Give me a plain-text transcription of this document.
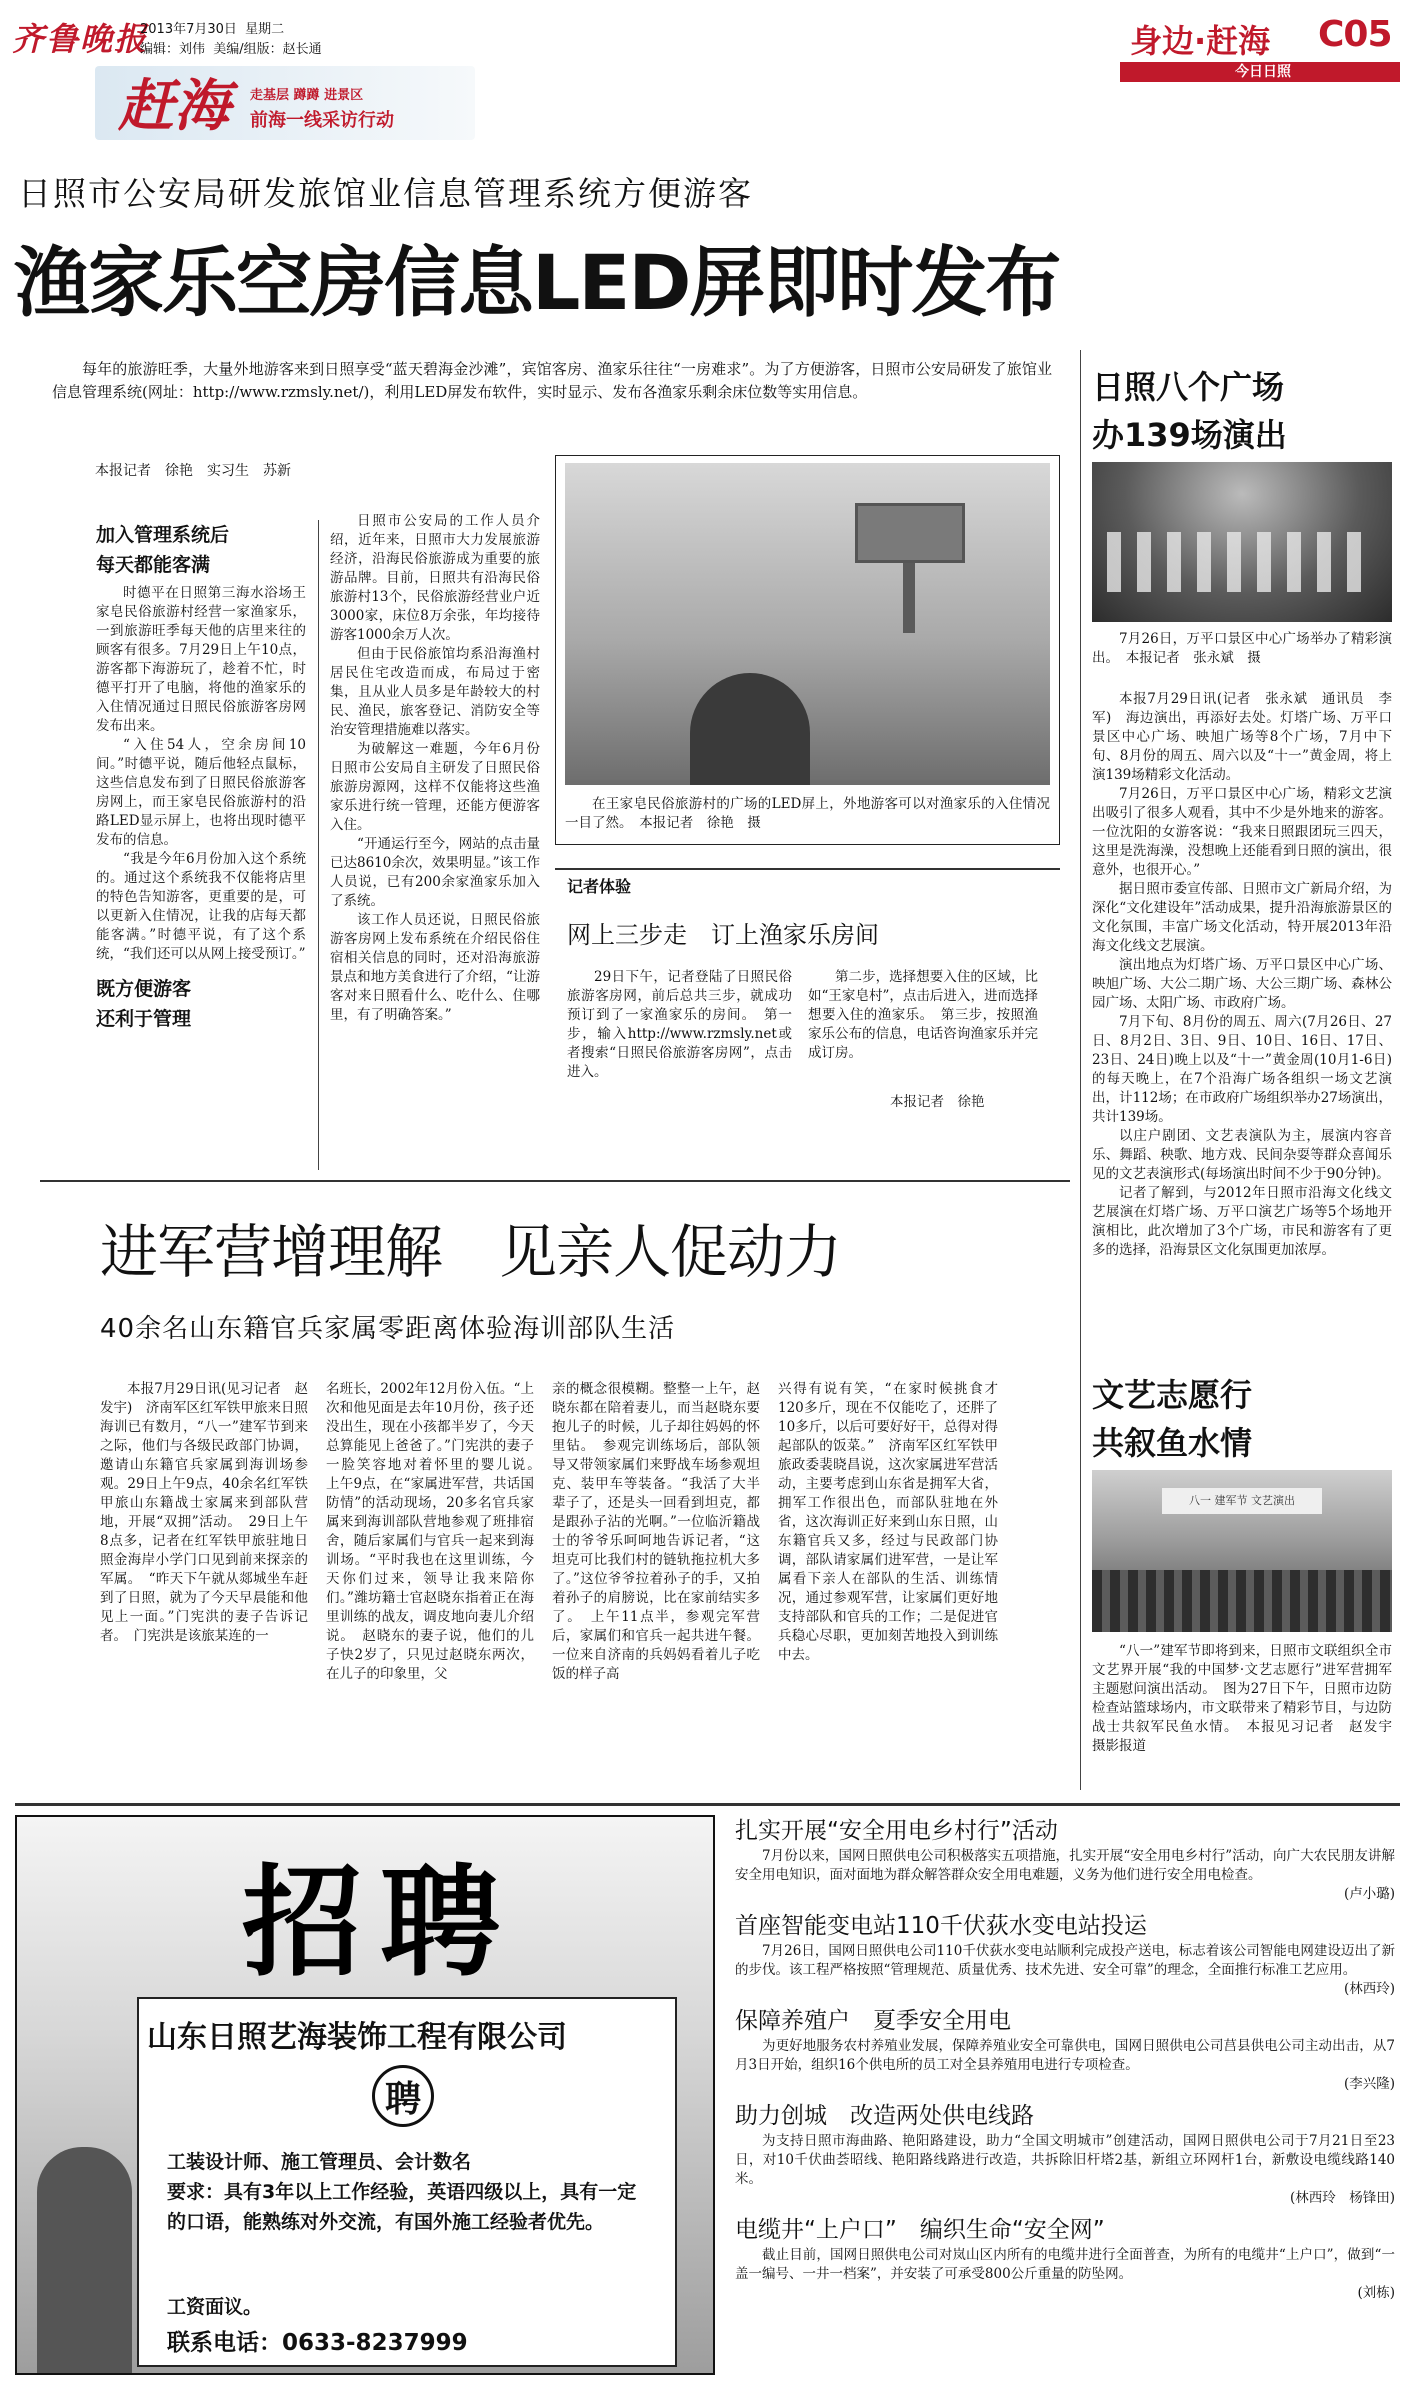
齐鲁晚报
2013年7月30日 星期二
编辑：刘伟 美编/组版：赵长通	身边·赶海 C05
今日日照
赶海 走基层 蹲蹲 进景区
前海一线采访行动
日照市公安局研发旅馆业信息管理系统方便游客
渔家乐空房信息LED屏即时发布
每年的旅游旺季，大量外地游客来到日照享受“蓝天碧海金沙滩”，宾馆客房、渔家乐往往“一房难求”。为了方便游客，日照市公安局研发了旅馆业信息管理系统(网址：http://www.rzmsly.net/)，利用LED屏发布软件，实时显示、发布各渔家乐剩余床位数等实用信息。
本报记者　徐艳　实习生　苏新
加入管理系统后
每天都能客满

时德平在日照第三海水浴场王家皂民俗旅游村经营一家渔家乐，一到旅游旺季每天他的店里来往的顾客有很多。7月29日上午10点，游客都下海游玩了，趁着不忙，时德平打开了电脑，将他的渔家乐的入住情况通过日照民俗旅游客房网发布出来。

“入住54人，空余房间10间。”时德平说，随后他轻点鼠标，这些信息发布到了日照民俗旅游客房网上，而王家皂民俗旅游村的沿路LED显示屏上，也将出现时德平发布的信息。

“我是今年6月份加入这个系统的。通过这个系统我不仅能将店里的特色告知游客，更重要的是，可以更新入住情况，让我的店每天都能客满。”时德平说，有了这个系统，“我们还可以从网上接受预订。”

既方便游客
还利于管理

日照市公安局的工作人员介绍，近年来，日照市大力发展旅游经济，沿海民俗旅游成为重要的旅游品牌。目前，日照共有沿海民俗旅游村13个，民俗旅游经营业户近3000家，床位8万余张，年均接待游客1000余万人次。

但由于民俗旅馆均系沿海渔村居民住宅改造而成，布局过于密集，且从业人员多是年龄较大的村民、渔民，旅客登记、消防安全等治安管理措施难以落实。

为破解这一难题，今年6月份日照市公安局自主研发了日照民俗旅游房源网，这样不仅能将这些渔家乐进行统一管理，还能方便游客入住。

“开通运行至今，网站的点击量已达8610余次，效果明显。”该工作人员说，已有200余家渔家乐加入了系统。

该工作人员还说，日照民俗旅游客房网上发布系统在介绍民俗住宿相关信息的同时，还对沿海旅游景点和地方美食进行了介绍，“让游客对来日照看什么、吃什么、住哪里，有了明确答案。”

在王家皂民俗旅游村的广场的LED屏上，外地游客可以对渔家乐的入住情况一目了然。　本报记者　徐艳　摄
记者体验
网上三步走　订上渔家乐房间
29日下午，记者登陆了日照民俗旅游客房网，前后总共三步，就成功预订到了一家渔家乐的房间。　第一步，输入http://www.rzmsly.net或者搜索“日照民俗旅游客房网”，点击进入。
第二步，选择想要入住的区域，比如“王家皂村”，点击后进入，进而选择想要入住的渔家乐。　第三步，按照渔家乐公布的信息，电话咨询渔家乐并完成订房。
本报记者　徐艳
日照八个广场
办139场演出
7月26日，万平口景区中心广场举办了精彩演出。　本报记者　张永斌　摄

本报7月29日讯(记者　张永斌　通讯员　李军)　海边演出，再添好去处。灯塔广场、万平口景区中心广场、映旭广场等8个广场，7月中下旬、8月份的周五、周六以及“十一”黄金周，将上演139场精彩文化活动。

7月26日，万平口景区中心广场，精彩文艺演出吸引了很多人观看，其中不少是外地来的游客。一位沈阳的女游客说：“我来日照跟团玩三四天，这里是洗海澡，没想晚上还能看到日照的演出，很意外，也很开心。”

据日照市委宣传部、日照市文广新局介绍，为深化“文化建设年”活动成果，提升沿海旅游景区的文化氛围，丰富广场文化活动，特开展2013年沿海文化线文艺展演。

演出地点为灯塔广场、万平口景区中心广场、映旭广场、大公二期广场、大公三期广场、森林公园广场、太阳广场、市政府广场。

7月下旬、8月份的周五、周六(7月26日、27日、8月2日、3日、9日、10日、16日、17日、23日、24日)晚上以及“十一”黄金周(10月1-6日)的每天晚上，在7个沿海广场各组织一场文艺演出，计112场；在市政府广场组织举办27场演出，共计139场。

以庄户剧团、文艺表演队为主，展演内容音乐、舞蹈、秧歌、地方戏、民间杂耍等群众喜闻乐见的文艺表演形式(每场演出时间不少于90分钟)。

记者了解到，与2012年日照市沿海文化线文艺展演在灯塔广场、万平口演艺广场等5个场地开演相比，此次增加了3个广场，市民和游客有了更多的选择，沿海景区文化氛围更加浓厚。

进军营增理解　见亲人促动力
40余名山东籍官兵家属零距离体验海训部队生活
本报7月29日讯(见习记者　赵发宇)　济南军区红军铁甲旅来日照海训已有数月，“八一”建军节到来之际，他们与各级民政部门协调，邀请山东籍官兵家属到海训场参观。29日上午9点，40余名红军铁甲旅山东籍战士家属来到部队营地，开展“双拥”活动。　29日上午8点多，记者在红军铁甲旅驻地日照金海岸小学门口见到前来探亲的军属。　“昨天下午就从郯城坐车赶到了日照，就为了今天早晨能和他见上一面。”门宪洪的妻子告诉记者。　门宪洪是该旅某连的一
名班长，2002年12月份入伍。“上次和他见面是去年10月份，孩子还没出生，现在小孩都半岁了，今天总算能见上爸爸了。”门宪洪的妻子一脸笑容地对着怀里的婴儿说。　上午9点，在“家属进军营，共话国防情”的活动现场，20多名官兵家属来到海训部队营地参观了班排宿舍，随后家属们与官兵一起来到海训场。“平时我也在这里训练，今天你们过来，领导让我来陪你们。”潍坊籍士官赵晓东指着正在海里训练的战友，调皮地向妻儿介绍说。　赵晓东的妻子说，他们的儿子快2岁了，只见过赵晓东两次，在儿子的印象里，父
亲的概念很模糊。整整一上午，赵晓东都在陪着妻儿，而当赵晓东要抱儿子的时候，儿子却往妈妈的怀里钻。　参观完训练场后，部队领导又带领家属们来野战车场参观坦克、装甲车等装备。“我活了大半辈子了，还是头一回看到坦克，都是跟孙子沾的光啊。”一位临沂籍战士的爷爷乐呵呵地告诉记者，“这坦克可比我们村的链轨拖拉机大多了。”这位爷爷拉着孙子的手，又拍着孙子的肩膀说，比在家前结实多了。　上午11点半，参观完军营后，家属们和官兵一起共进午餐。一位来自济南的兵妈妈看着儿子吃饭的样子高
兴得有说有笑，“在家时候挑食才120多斤，现在不仅能吃了，还胖了10多斤，以后可要好好干，总得对得起部队的饭菜。”　济南军区红军铁甲旅政委裴晓昌说，这次家属进军营活动，主要考虑到山东省是拥军大省，拥军工作很出色，而部队驻地在外省，这次海训正好来到山东日照，山东籍官兵又多，经过与民政部门协调，部队请家属们进军营，一是让军属看下亲人在部队的生活、训练情况，通过参观军营，让家属们更好地支持部队和官兵的工作；二是促进官兵稳心尽职，更加刻苦地投入到训练中去。
文艺志愿行
共叙鱼水情
八一 建军节 文艺演出
“八一”建军节即将到来，日照市文联组织全市文艺界开展“我的中国梦·文艺志愿行”进军营拥军主题慰问演出活动。　图为27日下午，日照市边防检查站篮球场内，市文联带来了精彩节目，与边防战士共叙军民鱼水情。　本报见习记者　赵发宇　摄影报道
招聘
山东日照艺海装饰工程有限公司
聘
工装设计师、施工管理员、会计数名
要求：具有3年以上工作经验，英语四级以上，具有一定的口语，能熟练对外交流，有国外施工经验者优先。
工资面议。
联系电话：0633-8237999
扎实开展“安全用电乡村行”活动
7月份以来，国网日照供电公司积极落实五项措施，扎实开展“安全用电乡村行”活动，向广大农民朋友讲解安全用电知识，面对面地为群众解答群众安全用电难题，义务为他们进行安全用电检查。
(卢小璐)
首座智能变电站110千伏荻水变电站投运
7月26日，国网日照供电公司110千伏荻水变电站顺利完成投产送电，标志着该公司智能电网建设迈出了新的步伐。该工程严格按照“管理规范、质量优秀、技术先进、安全可靠”的理念，全面推行标准工艺应用。
(林西玲)
保障养殖户　夏季安全用电
为更好地服务农村养殖业发展，保障养殖业安全可靠供电，国网日照供电公司莒县供电公司主动出击，从7月3日开始，组织16个供电所的员工对全县养殖用电进行专项检查。
(李兴隆)
助力创城　改造两处供电线路
为支持日照市海曲路、艳阳路建设，助力“全国文明城市”创建活动，国网日照供电公司于7月21日至23日，对10千伏曲荟昭线、艳阳路线路进行改造，共拆除旧杆塔2基，新组立环网杆1台，新敷设电缆线路140米。
(林西玲　杨锋田)
电缆井“上户口”　编织生命“安全网”
截止目前，国网日照供电公司对岚山区内所有的电缆井进行全面普查，为所有的电缆井“上户口”，做到“一盖一编号、一井一档案”，并安装了可承受800公斤重量的防坠网。
(刘栋)
